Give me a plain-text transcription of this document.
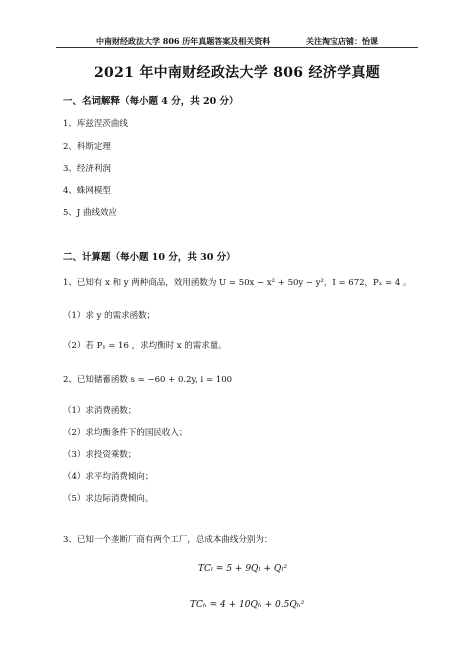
中南财经政法大学 806 历年真题答案及相关资料	关注淘宝店铺：怡课
2021 年中南财经政法大学 806 经济学真题
一、名词解释（每小题 4 分，共 20 分）
1、库兹涅茨曲线
2、科斯定理
3、经济利润
4、蛛网模型
5、J 曲线效应
二、计算题（每小题 10 分，共 30 分）
1、已知有 x 和 y 两种商品，效用函数为 U = 50x − x² + 50y − y²，I = 672，Pₓ = 4 。
（1）求 y 的需求函数；
（2）若 Pᵧ = 16 ，求均衡时 x 的需求量。
2、已知储蓄函数 s = −60 + 0.2y, i = 100
（1）求消费函数；
（2）求均衡条件下的国民收入；
（3）求投资乘数；
（4）求平均消费倾向；
（5）求边际消费倾向。
3、已知一个垄断厂商有两个工厂，总成本曲线分别为：
TCₗ = 5 + 9Qₗ + Qₗ²
TCₕ = 4 + 10Qₕ + 0.5Qₕ²
